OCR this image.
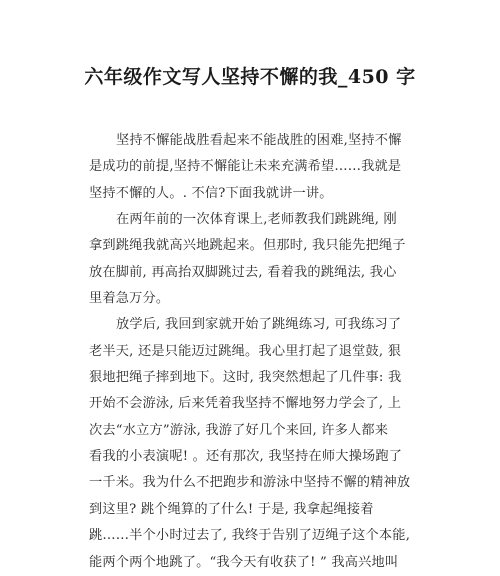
六年级作文写人坚持不懈的我_450 字
坚持不懈能战胜看起来不能战胜的困难,坚持不懈
是成功的前提,坚持不懈能让未来充满希望……我就是
坚持不懈的人。. 不信?下面我就讲一讲。
在两年前的一次体育课上,老师教我们跳跳绳, 刚
拿到跳绳我就高兴地跳起来。但那时, 我只能先把绳子
放在脚前, 再高抬双脚跳过去, 看着我的跳绳法, 我心
里着急万分。
放学后, 我回到家就开始了跳绳练习, 可我练习了
老半天, 还是只能迈过跳绳。我心里打起了退堂鼓, 狠
狠地把绳子摔到地下。这时, 我突然想起了几件事: 我
开始不会游泳, 后来凭着我坚持不懈地努力学会了, 上
次去“水立方”游泳, 我游了好几个来回, 许多人都来
看我的小表演呢! 。还有那次, 我坚持在师大操场跑了
一千米。我为什么不把跑步和游泳中坚持不懈的精神放
到这里? 跳个绳算的了什么! 于是, 我拿起绳接着
跳……半个小时过去了, 我终于告别了迈绳子这个本能,
能两个两个地跳了。“我今天有收获了! ” 我高兴地叫
